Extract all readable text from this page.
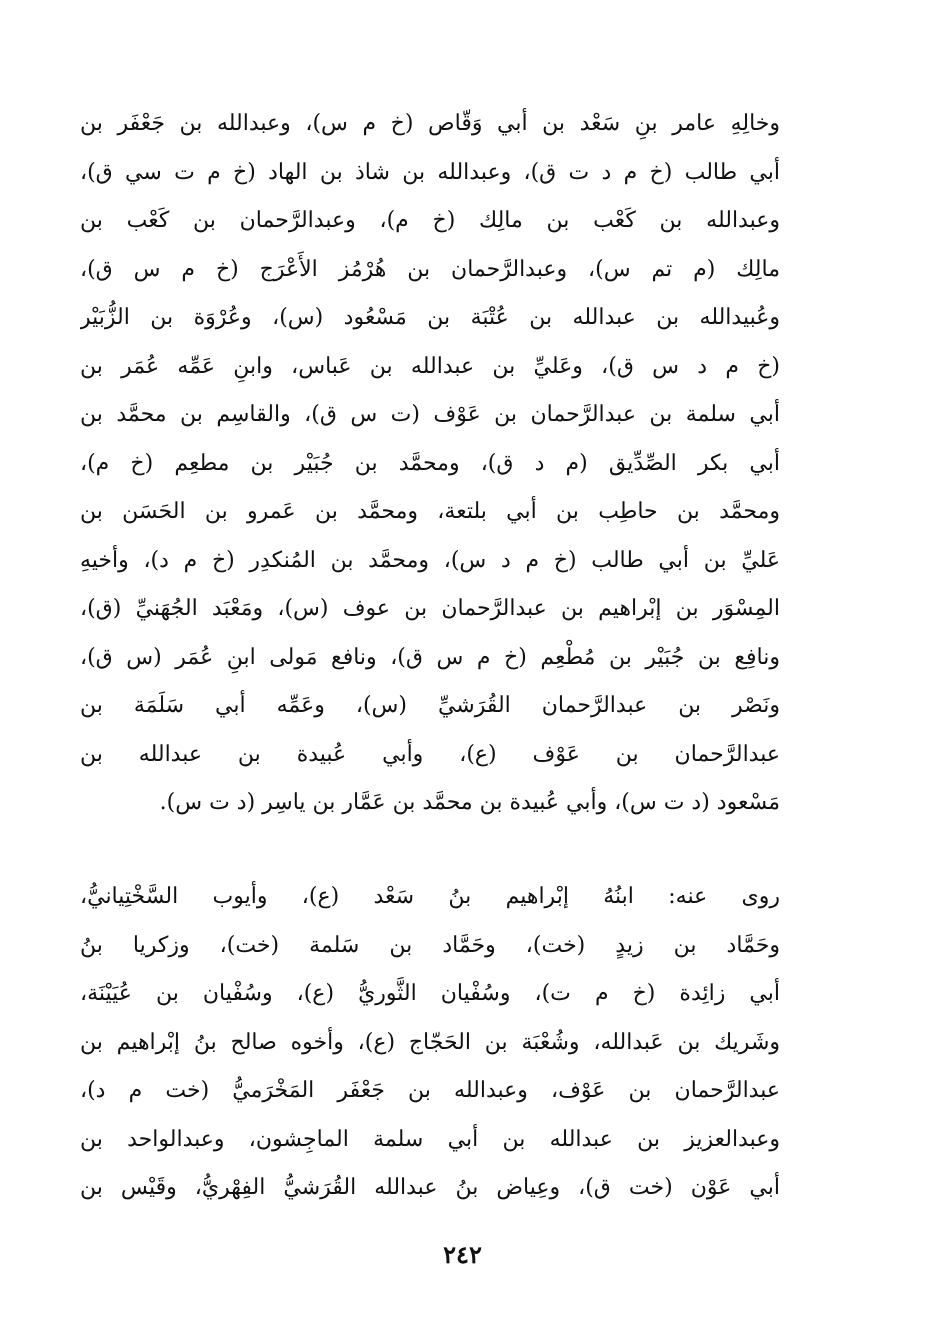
وخالِهِ عامر بنِ سَعْد بن أبي وَقّاص (خ م س)، وعبدالله بن جَعْفَر بن
أبي طالب (خ م د ت ق)، وعبدالله بن شاذ بن الهاد (خ م ت سي ق)،
وعبدالله بن كَعْب بن مالِك (خ م)، وعبدالرَّحمان بن كَعْب بن
مالِك (م تم س)، وعبدالرَّحمان بن هُرْمُز الأَعْرَج (خ م س ق)،
وعُبيدالله بن عبدالله بن عُتْبَة بن مَسْعُود (س)، وعُرْوَة بن الزُّبَيْر
(خ م د س ق)، وعَليِّ بن عبدالله بن عَباس، وابنِ عَمِّه عُمَر بن
أبي سلمة بن عبدالرَّحمان بن عَوْف (ت س ق)، والقاسِم بن محمَّد بن
أبي بكر الصِّدِّيق (م د ق)، ومحمَّد بن جُبَيْر بن مطعِم (خ م)،
ومحمَّد بن حاطِب بن أبي بلتعة، ومحمَّد بن عَمرو بن الحَسَن بن
عَليِّ بن أبي طالب (خ م د س)، ومحمَّد بن المُنكدِر (خ م د)، وأخيهِ
المِسْوَر بن إبْراهيم بن عبدالرَّحمان بن عوف (س)، ومَعْبَد الجُهَنيِّ (ق)،
ونافِع بن جُبَيْر بن مُطْعِم (خ م س ق)، ونافع مَولى ابنِ عُمَر (س ق)،
ونَصْر بن عبدالرَّحمان القُرَشيِّ (س)، وعَمِّه أبي سَلَمَة بن
عبدالرَّحمان بن عَوْف (ع)، وأبي عُبيدة بن عبدالله بن
مَسْعود (د ت س)، وأبي عُبيدة بن محمَّد بن عَمَّار بن ياسِر (د ت س).
روى عنه: ابنُهُ إبْراهيم بنُ سَعْد (ع)، وأيوب السَّخْتِيانيُّ،
وحَمَّاد بن زيدٍ (خت)، وحَمَّاد بن سَلمة (خت)، وزكريا بنُ
أبي زائِدة (خ م ت)، وسُفْيان الثَّوريُّ (ع)، وسُفْيان بن عُيَيْنَة،
وشَريك بن عَبدالله، وشُعْبَة بن الحَجّاج (ع)، وأخوه صالح بنُ إبْراهيم بن
عبدالرَّحمان بن عَوْف، وعبدالله بن جَعْفَر المَخْرَميُّ (خت م د)،
وعبدالعزيز بن عبدالله بن أبي سلمة الماجِشون، وعبدالواحد بن
أبي عَوْن (خت ق)، وعِياض بنُ عبدالله القُرَشيُّ الفِهْريُّ، وقَيْس بن
٢٤٢
